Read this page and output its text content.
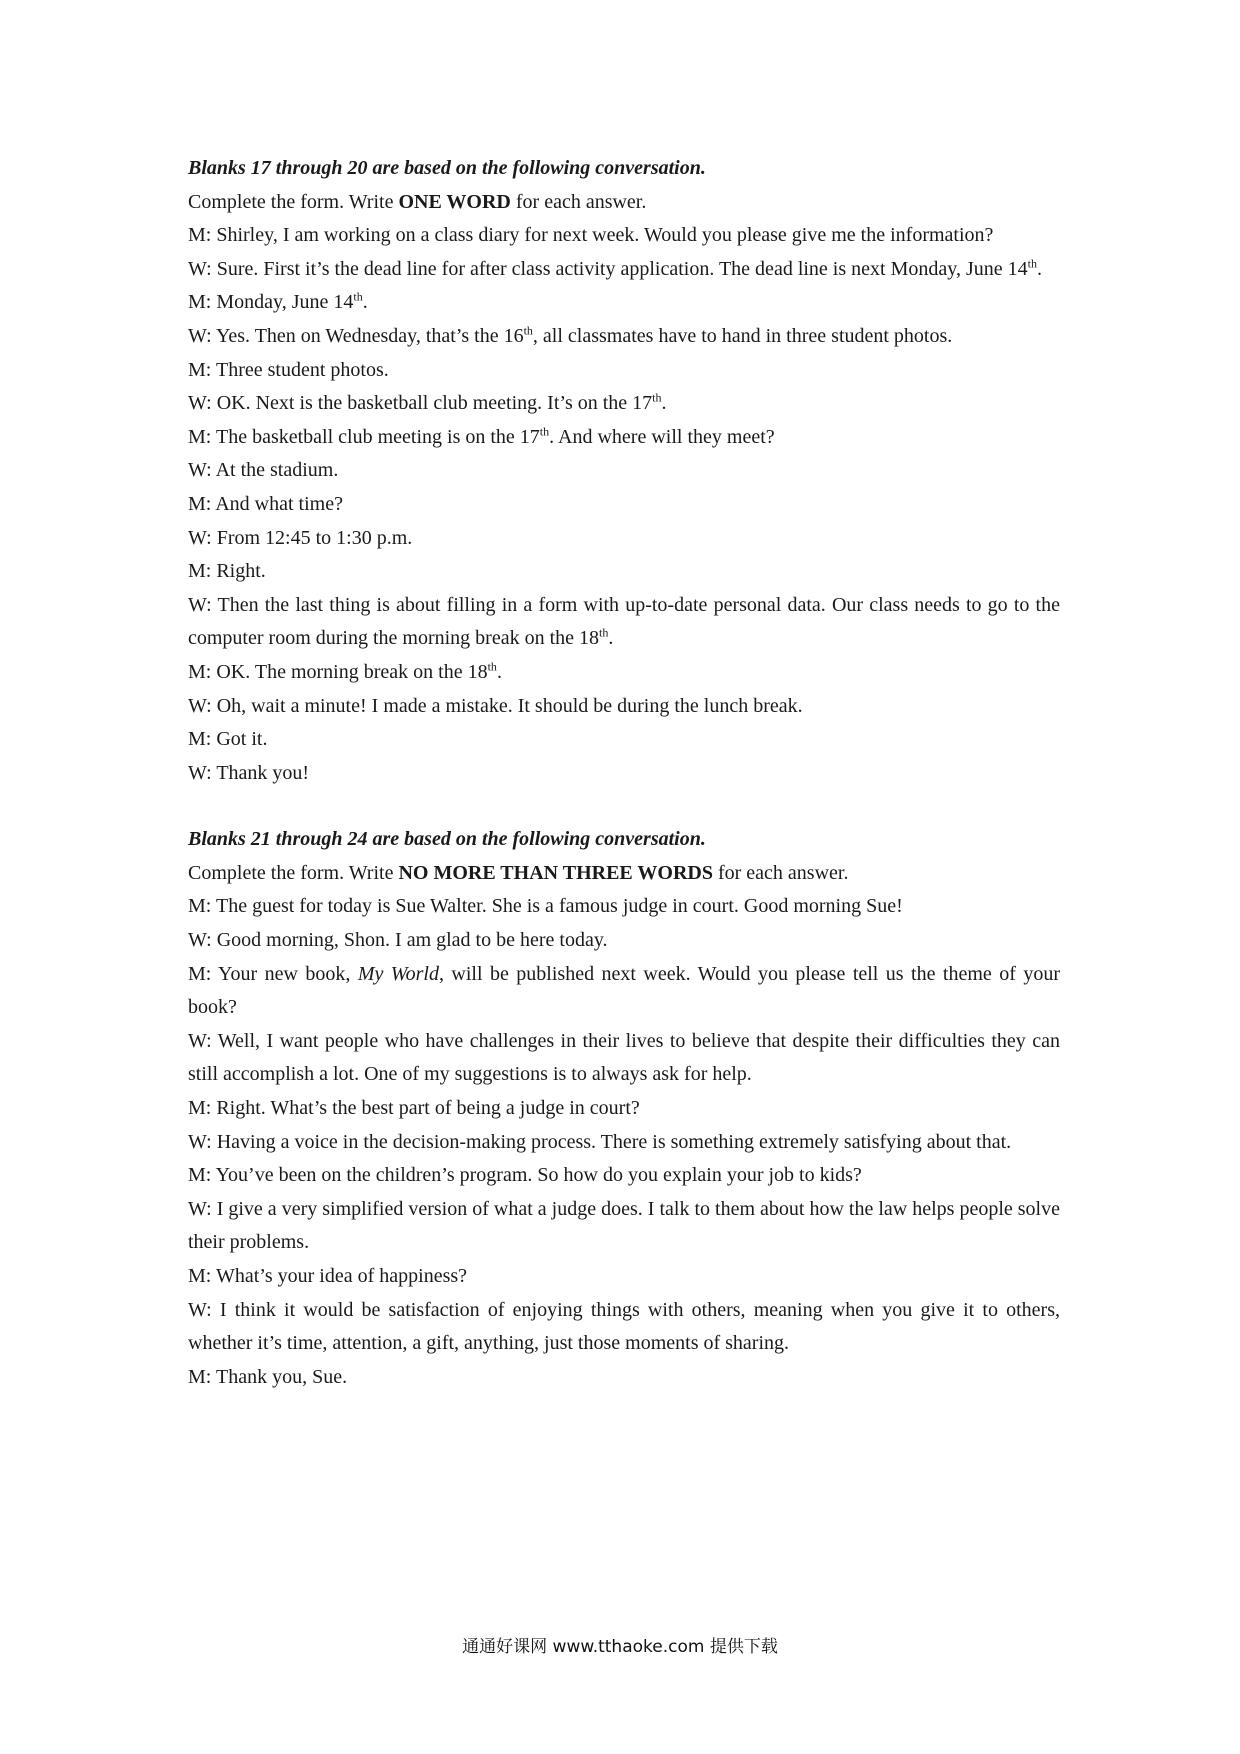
Blanks 17 through 20 are based on the following conversation.
Complete the form. Write ONE WORD for each answer.
M: Shirley, I am working on a class diary for next week. Would you please give me the information?
W: Sure. First it’s the dead line for after class activity application. The dead line is next Monday, June 14th.
M: Monday, June 14th.
W: Yes. Then on Wednesday, that’s the 16th, all classmates have to hand in three student photos.
M: Three student photos.
W: OK. Next is the basketball club meeting. It’s on the 17th.
M: The basketball club meeting is on the 17th. And where will they meet?
W: At the stadium.
M: And what time?
W: From 12:45 to 1:30 p.m.
M: Right.
W: Then the last thing is about filling in a form with up-to-date personal data. Our class needs to go to the computer room during the morning break on the 18th.
M: OK. The morning break on the 18th.
W: Oh, wait a minute! I made a mistake. It should be during the lunch break.
M: Got it.
W: Thank you!
Blanks 21 through 24 are based on the following conversation.
Complete the form. Write NO MORE THAN THREE WORDS for each answer.
M: The guest for today is Sue Walter. She is a famous judge in court. Good morning Sue!
W: Good morning, Shon. I am glad to be here today.
M: Your new book, My World, will be published next week. Would you please tell us the theme of your book?
W: Well, I want people who have challenges in their lives to believe that despite their difficulties they can still accomplish a lot. One of my suggestions is to always ask for help.
M: Right. What’s the best part of being a judge in court?
W: Having a voice in the decision-making process. There is something extremely satisfying about that.
M: You’ve been on the children’s program. So how do you explain your job to kids?
W: I give a very simplified version of what a judge does. I talk to them about how the law helps people solve their problems.
M: What’s your idea of happiness?
W: I think it would be satisfaction of enjoying things with others, meaning when you give it to others, whether it’s time, attention, a gift, anything, just those moments of sharing.
M: Thank you, Sue.
通通好课网 www.tthaoke.com 提供下载
